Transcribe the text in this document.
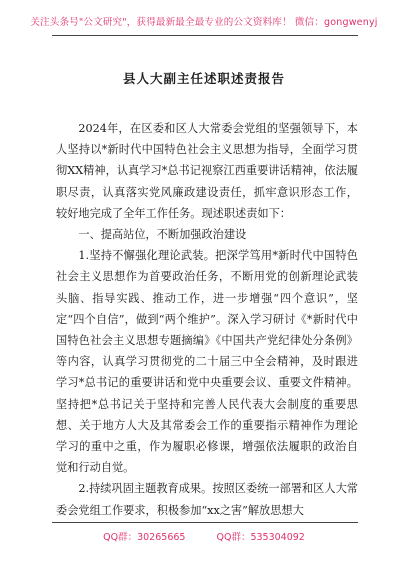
关注头条号"公文研究"，获得最新最全最专业的公文资料库！ 微信：gongwenyj
县人大副主任述职述责报告

2024年，在区委和区人大常委会党组的坚强领导下，本人坚持以*新时代中国特色社会主义思想为指导，全面学习贯彻XX精神，认真学习*总书记视察江西重要讲话精神，依法履职尽责，认真落实党风廉政建设责任，抓牢意识形态工作，较好地完成了全年工作任务。现述职述责如下：

一、提高站位，不断加强政治建设

1.坚持不懈强化理论武装。把深学笃用*新时代中国特色社会主义思想作为首要政治任务，不断用党的创新理论武装头脑、指导实践、推动工作，进一步增强“四个意识”，坚定“四个自信”，做到“两个维护”。深入学习研讨《*新时代中国特色社会主义思想专题摘编》《中国共产党纪律处分条例》等内容，认真学习贯彻党的二十届三中全会精神，及时跟进学习*总书记的重要讲话和党中央重要会议、重要文件精神。坚持把*总书记关于坚持和完善人民代表大会制度的重要思想、关于地方人大及其常委会工作的重要指示精神作为理论学习的重中之重，作为履职必修课，增强依法履职的政治自觉和行动自觉。

2.持续巩固主题教育成果。按照区委统一部署和区人大常委会党组工作要求，积极参加“xx之害”解放思想大

QQ群：30265665	QQ群：535304092
